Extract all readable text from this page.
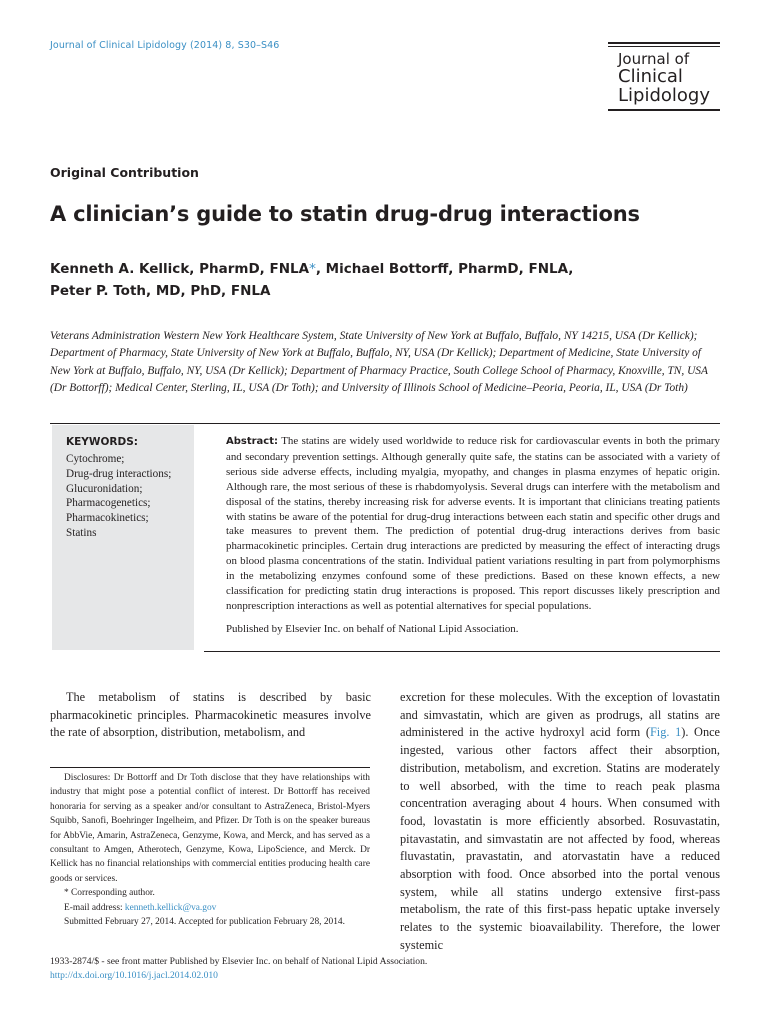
Journal of Clinical Lipidology (2014) 8, S30–S46
Journal of
Clinical
Lipidology
Original Contribution
A clinician’s guide to statin drug-drug interactions
Kenneth A. Kellick, PharmD, FNLA*, Michael Bottorff, PharmD, FNLA,
Peter P. Toth, MD, PhD, FNLA
Veterans Administration Western New York Healthcare System, State University of New York at Buffalo, Buffalo, NY 14215, USA (Dr Kellick); Department of Pharmacy, State University of New York at Buffalo, Buffalo, NY, USA (Dr Kellick); Department of Medicine, State University of New York at Buffalo, Buffalo, NY, USA (Dr Kellick); Department of Pharmacy Practice, South College School of Pharmacy, Knoxville, TN, USA (Dr Bottorff); Medical Center, Sterling, IL, USA (Dr Toth); and University of Illinois School of Medicine–Peoria, Peoria, IL, USA (Dr Toth)
KEYWORDS:
Cytochrome;
Drug-drug interactions;
Glucuronidation;
Pharmacogenetics;
Pharmacokinetics;
Statins
Abstract: The statins are widely used worldwide to reduce risk for cardiovascular events in both the primary and secondary prevention settings. Although generally quite safe, the statins can be associated with a variety of serious side adverse effects, including myalgia, myopathy, and changes in plasma enzymes of hepatic origin. Although rare, the most serious of these is rhabdomyolysis. Several drugs can interfere with the metabolism and disposal of the statins, thereby increasing risk for adverse events. It is important that clinicians treating patients with statins be aware of the potential for drug-drug interactions between each statin and specific other drugs and take measures to prevent them. The prediction of potential drug-drug interactions derives from basic pharmacokinetic principles. Certain drug interactions are predicted by measuring the effect of interacting drugs on blood plasma concentrations of the statin. Individual patient variations resulting in part from polymorphisms in the metabolizing enzymes confound some of these predictions. Based on these known effects, a new classification for predicting statin drug interactions is proposed. This report discusses likely prescription and nonprescription interactions as well as potential alternatives for special populations.
Published by Elsevier Inc. on behalf of National Lipid Association.
The metabolism of statins is described by basic pharmacokinetic principles. Pharmacokinetic measures involve the rate of absorption, distribution, metabolism, and
excretion for these molecules. With the exception of lovastatin and simvastatin, which are given as prodrugs, all statins are administered in the active hydroxyl acid form (Fig. 1). Once ingested, various other factors affect their absorption, distribution, metabolism, and excretion. Statins are moderately to well absorbed, with the time to reach peak plasma concentration averaging about 4 hours. When consumed with food, lovastatin is more efficiently absorbed. Rosuvastatin, pitavastatin, and simvastatin are not affected by food, whereas fluvastatin, pravastatin, and atorvastatin have a reduced absorption with food. Once absorbed into the portal venous system, while all statins undergo extensive first-pass metabolism, the rate of this first-pass hepatic uptake inversely relates to the systemic bioavailability. Therefore, the lower systemic

Disclosures: Dr Bottorff and Dr Toth disclose that they have relationships with industry that might pose a potential conflict of interest. Dr Bottorff has received honoraria for serving as a speaker and/or consultant to AstraZeneca, Bristol-Myers Squibb, Sanofi, Boehringer Ingelheim, and Pfizer. Dr Toth is on the speaker bureaus for AbbVie, Amarin, AstraZeneca, Genzyme, Kowa, and Merck, and has served as a consultant to Amgen, Atherotech, Genzyme, Kowa, LipoScience, and Merck. Dr Kellick has no financial relationships with commercial entities producing health care goods or services.

* Corresponding author.

E-mail address: kenneth.kellick@va.gov

Submitted February 27, 2014. Accepted for publication February 28, 2014.

1933-2874/$ - see front matter Published by Elsevier Inc. on behalf of National Lipid Association.
http://dx.doi.org/10.1016/j.jacl.2014.02.010
